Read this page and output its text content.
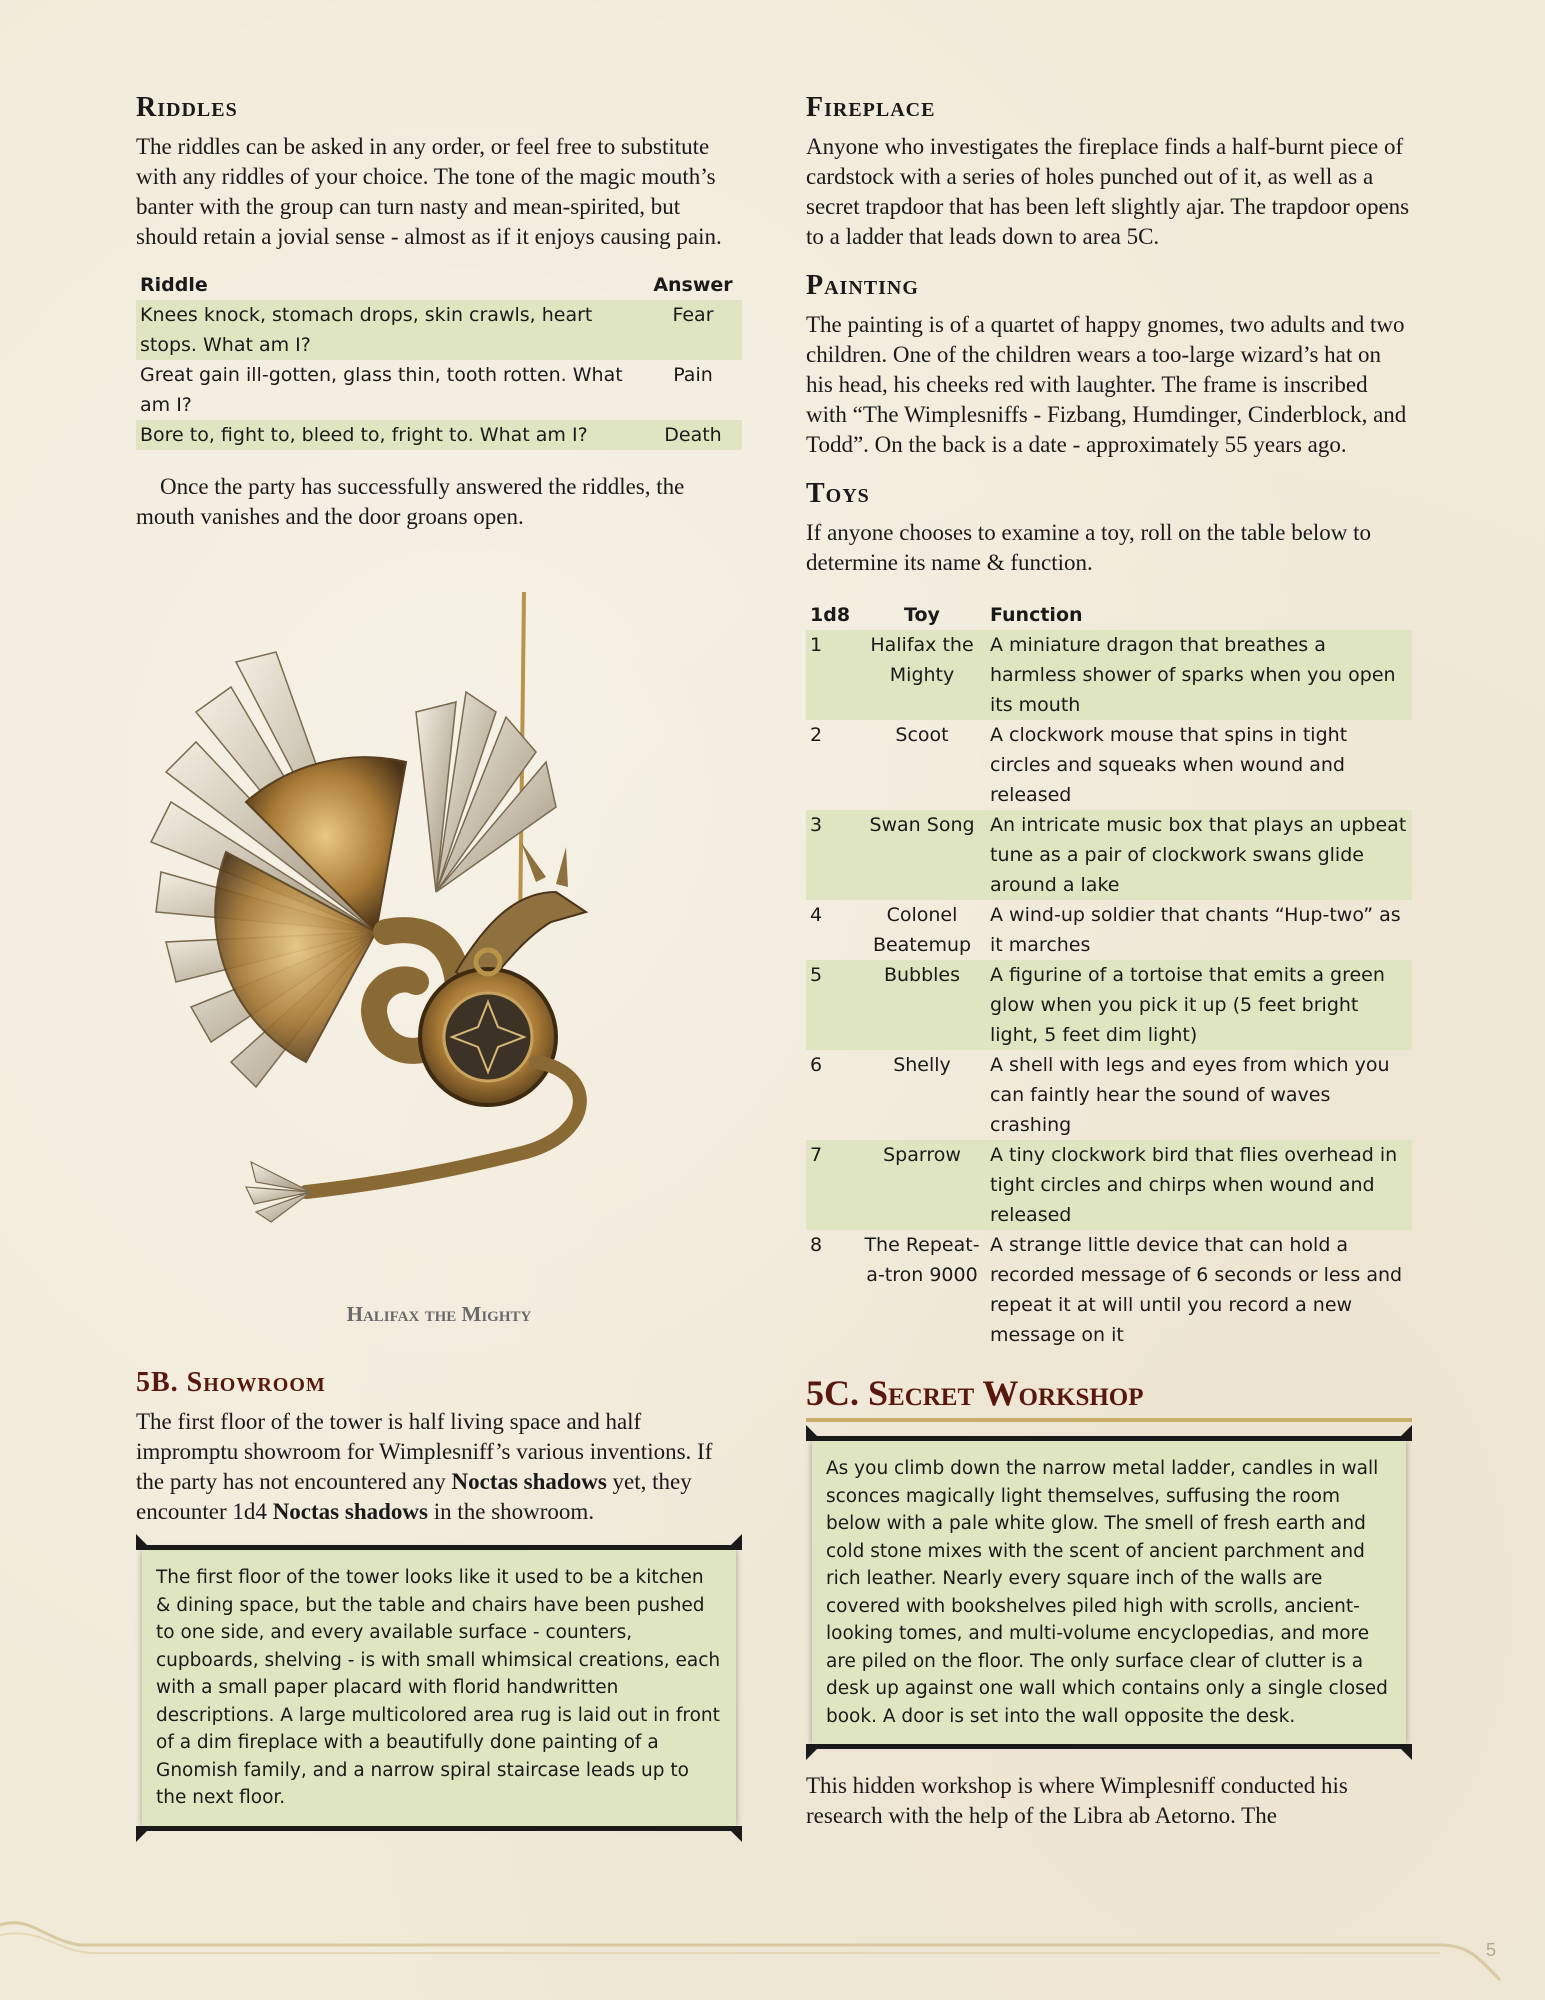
Riddles

The riddles can be asked in any order, or feel free to substitute with any riddles of your choice. The tone of the magic mouth’s banter with the group can turn nasty and mean-spirited, but should retain a jovial sense - almost as if it enjoys causing pain.

Riddle	Answer
Knees knock, stomach drops, skin crawls, heart stops. What am I?	Fear
Great gain ill-gotten, glass thin, tooth rotten. What am I?	Pain
Bore to, fight to, bleed to, fright to. What am I?	Death

Once the party has successfully answered the riddles, the mouth vanishes and the door groans open.

Halifax the Mighty
5B. Showroom

The first floor of the tower is half living space and half impromptu showroom for Wimplesniff’s various inventions. If the party has not encountered any Noctas shadows yet, they encounter 1d4 Noctas shadows in the showroom.

The first floor of the tower looks like it used to be a kitchen & dining space, but the table and chairs have been pushed to one side, and every available surface - counters, cupboards, shelving - is with small whimsical creations, each with a small paper placard with florid handwritten descriptions. A large multicolored area rug is laid out in front of a dim fireplace with a beautifully done painting of a Gnomish family, and a narrow spiral staircase leads up to the next floor.
Fireplace

Anyone who investigates the fireplace finds a half-burnt piece of cardstock with a series of holes punched out of it, as well as a secret trapdoor that has been left slightly ajar. The trapdoor opens to a ladder that leads down to area 5C.

Painting

The painting is of a quartet of happy gnomes, two adults and two children. One of the children wears a too-large wizard’s hat on his head, his cheeks red with laughter. The frame is inscribed with “The Wimplesniffs - Fizbang, Humdinger, Cinderblock, and Todd”. On the back is a date - approximately 55 years ago.

Toys

If anyone chooses to examine a toy, roll on the table below to determine its name & function.

1d8	Toy	Function
1	Halifax the Mighty	A miniature dragon that breathes a harmless shower of sparks when you open its mouth
2	Scoot	A clockwork mouse that spins in tight circles and squeaks when wound and released
3	Swan Song	An intricate music box that plays an upbeat tune as a pair of clockwork swans glide around a lake
4	Colonel Beatemup	A wind-up soldier that chants “Hup-two” as it marches
5	Bubbles	A figurine of a tortoise that emits a green glow when you pick it up (5 feet bright light, 5 feet dim light)
6	Shelly	A shell with legs and eyes from which you can faintly hear the sound of waves crashing
7	Sparrow	A tiny clockwork bird that flies overhead in tight circles and chirps when wound and released
8	The Repeat-a-tron 9000	A strange little device that can hold a recorded message of 6 seconds or less and repeat it at will until you record a new message on it
5C. Secret Workshop
As you climb down the narrow metal ladder, candles in wall sconces magically light themselves, suffusing the room below with a pale white glow. The smell of fresh earth and cold stone mixes with the scent of ancient parchment and rich leather. Nearly every square inch of the walls are covered with bookshelves piled high with scrolls, ancient-looking tomes, and multi-volume encyclopedias, and more are piled on the floor. The only surface clear of clutter is a desk up against one wall which contains only a single closed book. A door is set into the wall opposite the desk.

This hidden workshop is where Wimplesniff conducted his research with the help of the Libra ab Aetorno. The

5
